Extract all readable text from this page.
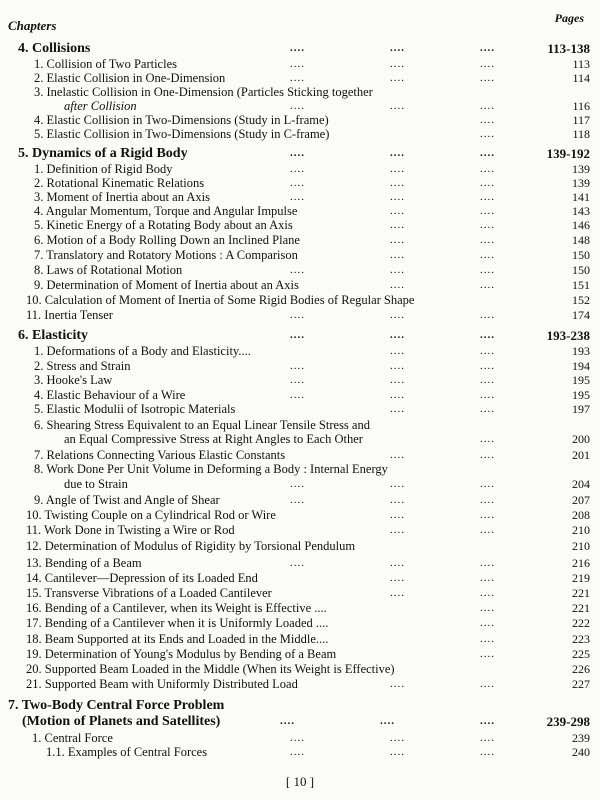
Chapters	Pages
4. Collisions	....	....	....	113-138
1. Collision of Two Particles	....	....	....	113
2. Elastic Collision in One-Dimension	....	....	....	114
3. Inelastic Collision in One-Dimension (Particles Sticking together
after Collision	....	....	....	116
4. Elastic Collision in Two-Dimensions (Study in L-frame)	....	117
5. Elastic Collision in Two-Dimensions (Study in C-frame)	....	118
5. Dynamics of a Rigid Body	....	....	....	139-192
1. Definition of Rigid Body	....	....	....	139
2. Rotational Kinematic Relations	....	....	....	139
3. Moment of Inertia about an Axis	....	....	....	141
4. Angular Momentum, Torque and Angular Impulse	....	....	143
5. Kinetic Energy of a Rotating Body about an Axis	....	....	146
6. Motion of a Body Rolling Down an Inclined Plane	....	....	148
7. Translatory and Rotatory Motions : A Comparison	....	....	150
8. Laws of Rotational Motion	....	....	....	150
9. Determination of Moment of Inertia about an Axis	....	....	151
10. Calculation of Moment of Inertia of Some Rigid Bodies of Regular Shape	152
11. Inertia Tenser	....	....	....	174
6. Elasticity	....	....	....	193-238
1. Deformations of a Body and Elasticity....	....	....	193
2. Stress and Strain	....	....	....	194
3. Hooke's Law	....	....	....	195
4. Elastic Behaviour of a Wire	....	....	....	195
5. Elastic Modulii of Isotropic Materials	....	....	197
6. Shearing Stress Equivalent to an Equal Linear Tensile Stress and
an Equal Compressive Stress at Right Angles to Each Other	....	200
7. Relations Connecting Various Elastic Constants	....	....	201
8. Work Done Per Unit Volume in Deforming a Body : Internal Energy
due to Strain	....	....	....	204
9. Angle of Twist and Angle of Shear	....	....	....	207
10. Twisting Couple on a Cylindrical Rod or Wire	....	....	208
11. Work Done in Twisting a Wire or Rod	....	....	210
12. Determination of Modulus of Rigidity by Torsional Pendulum	210
13. Bending of a Beam	....	....	....	216
14. Cantilever—Depression of its Loaded End	....	....	219
15. Transverse Vibrations of a Loaded Cantilever	....	....	221
16. Bending of a Cantilever, when its Weight is Effective ....	....	221
17. Bending of a Cantilever when it is Uniformly Loaded ....	....	222
18. Beam Supported at its Ends and Loaded in the Middle....	....	223
19. Determination of Young's Modulus by Bending of a Beam	....	225
20. Supported Beam Loaded in the Middle (When its Weight is Effective)	226
21. Supported Beam with Uniformly Distributed Load	....	....	227
7. Two-Body Central Force Problem
(Motion of Planets and Satellites)	....	....	....	239-298
1. Central Force	....	....	....	239
1.1. Examples of Central Forces	....	....	....	240
[ 10 ]
